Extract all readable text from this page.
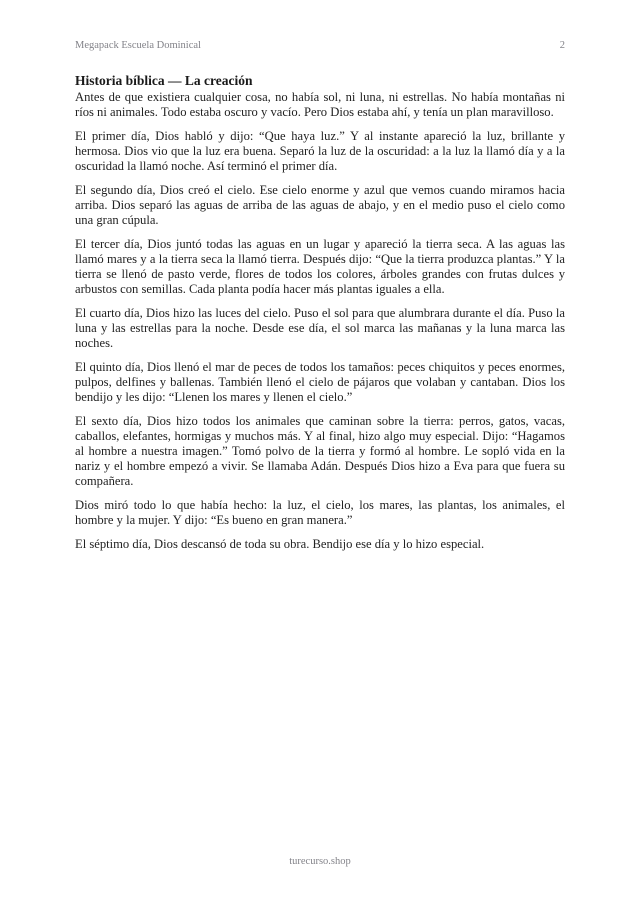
Megapack Escuela Dominical	2
Historia bíblica — La creación

Antes de que existiera cualquier cosa, no había sol, ni luna, ni estrellas. No había montañas ni ríos ni animales. Todo estaba oscuro y vacío. Pero Dios estaba ahí, y tenía un plan maravilloso.

El primer día, Dios habló y dijo: “Que haya luz.” Y al instante apareció la luz, brillante y hermosa. Dios vio que la luz era buena. Separó la luz de la oscuridad: a la luz la llamó día y a la oscuridad la llamó noche. Así terminó el primer día.

El segundo día, Dios creó el cielo. Ese cielo enorme y azul que vemos cuando miramos hacia arriba. Dios separó las aguas de arriba de las aguas de abajo, y en el medio puso el cielo como una gran cúpula.

El tercer día, Dios juntó todas las aguas en un lugar y apareció la tierra seca. A las aguas las llamó mares y a la tierra seca la llamó tierra. Después dijo: “Que la tierra produzca plantas.” Y la tierra se llenó de pasto verde, flores de todos los colores, árboles grandes con frutas dulces y arbustos con semillas. Cada planta podía hacer más plantas iguales a ella.

El cuarto día, Dios hizo las luces del cielo. Puso el sol para que alumbrara durante el día. Puso la luna y las estrellas para la noche. Desde ese día, el sol marca las mañanas y la luna marca las noches.

El quinto día, Dios llenó el mar de peces de todos los tamaños: peces chiquitos y peces enormes, pulpos, delfines y ballenas. También llenó el cielo de pájaros que volaban y cantaban. Dios los bendijo y les dijo: “Llenen los mares y llenen el cielo.”

El sexto día, Dios hizo todos los animales que caminan sobre la tierra: perros, gatos, vacas, caballos, elefantes, hormigas y muchos más. Y al final, hizo algo muy especial. Dijo: “Hagamos al hombre a nuestra imagen.” Tomó polvo de la tierra y formó al hombre. Le sopló vida en la nariz y el hombre empezó a vivir. Se llamaba Adán. Después Dios hizo a Eva para que fuera su compañera.

Dios miró todo lo que había hecho: la luz, el cielo, los mares, las plantas, los animales, el hombre y la mujer. Y dijo: “Es bueno en gran manera.”

El séptimo día, Dios descansó de toda su obra. Bendijo ese día y lo hizo especial.

turecurso.shop
